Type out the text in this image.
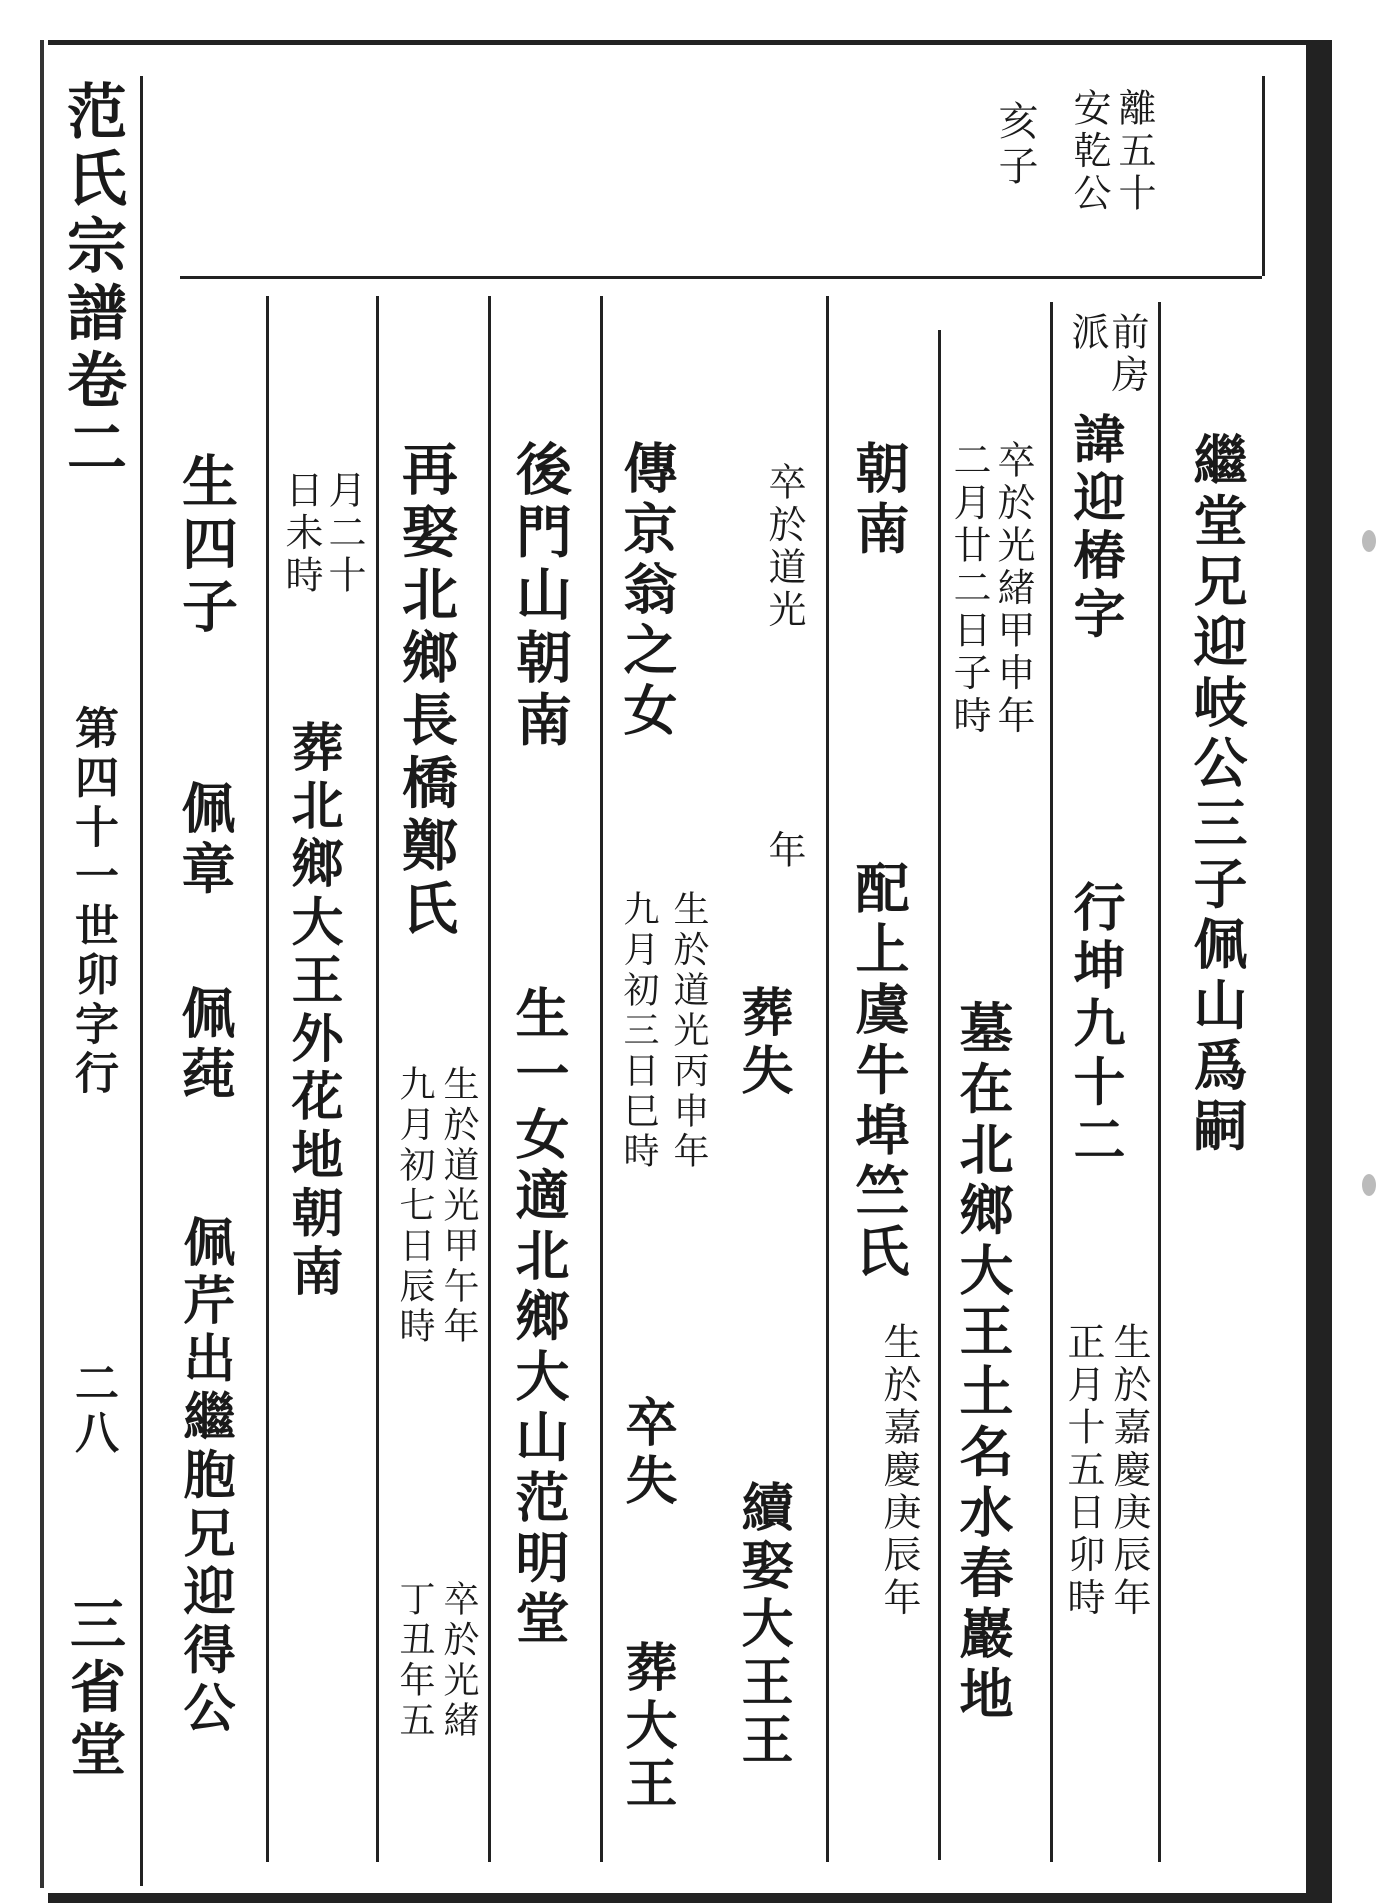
范氏宗譜卷二
第四十一世卯字行
二八
三省堂
離五十
安乾公
亥子
繼堂兄迎岐公三子佩山爲嗣
前房
派
諱迎椿字
行坤九十二
生於嘉慶庚辰年
正月十五日卯時
卒於光緒甲申年
二月廿二日子時
墓在北鄉大王土名水春巖地
朝南
配上虞牛埠竺氏
生於嘉慶庚辰年
卒於道光
年
葬失
續娶大王王
傳京翁之女
生於道光丙申年
九月初三日巳時
卒失
葬大王
後門山朝南
生一女適北鄉大山范明堂
再娶北鄉長橋鄭氏
生於道光甲午年
九月初七日辰時
卒於光緒
丁丑年五
月二十
日未時
葬北鄉大王外花地朝南
生四子
佩章
佩莼
佩芹出繼胞兄迎得公
